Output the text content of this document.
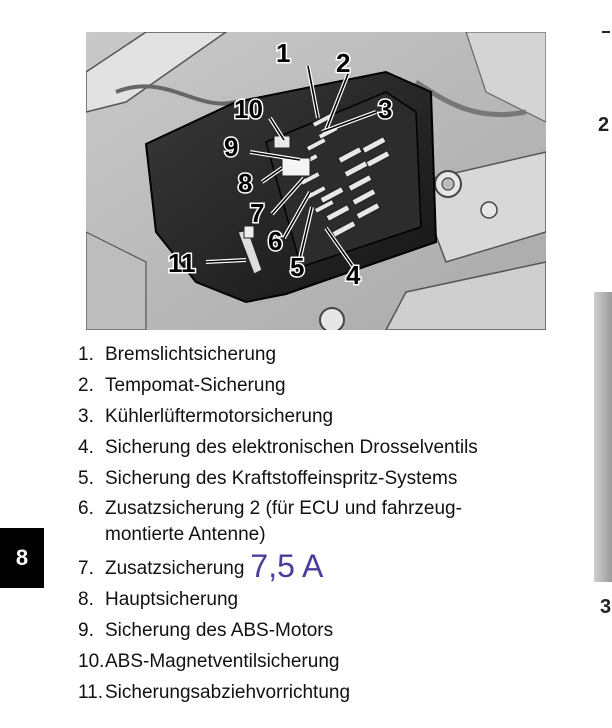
1 2
3
4
5
6
7
8
9
10
11
2
3
8
1. Bremslichtsicherung
2. Tempomat-Sicherung
3. Kühlerlüftermotorsicherung
4. Sicherung des elektronischen Drosselventils
5. Sicherung des Kraftstoffeinspritz-Systems
6. Zusatzsicherung 2 (für ECU und fahrzeug-
montierte Antenne)
7. Zusatzsicherung 7,5 A
8. Hauptsicherung
9. Sicherung des ABS-Motors
10.ABS-Magnetventilsicherung
11. Sicherungsabziehvorrichtung
